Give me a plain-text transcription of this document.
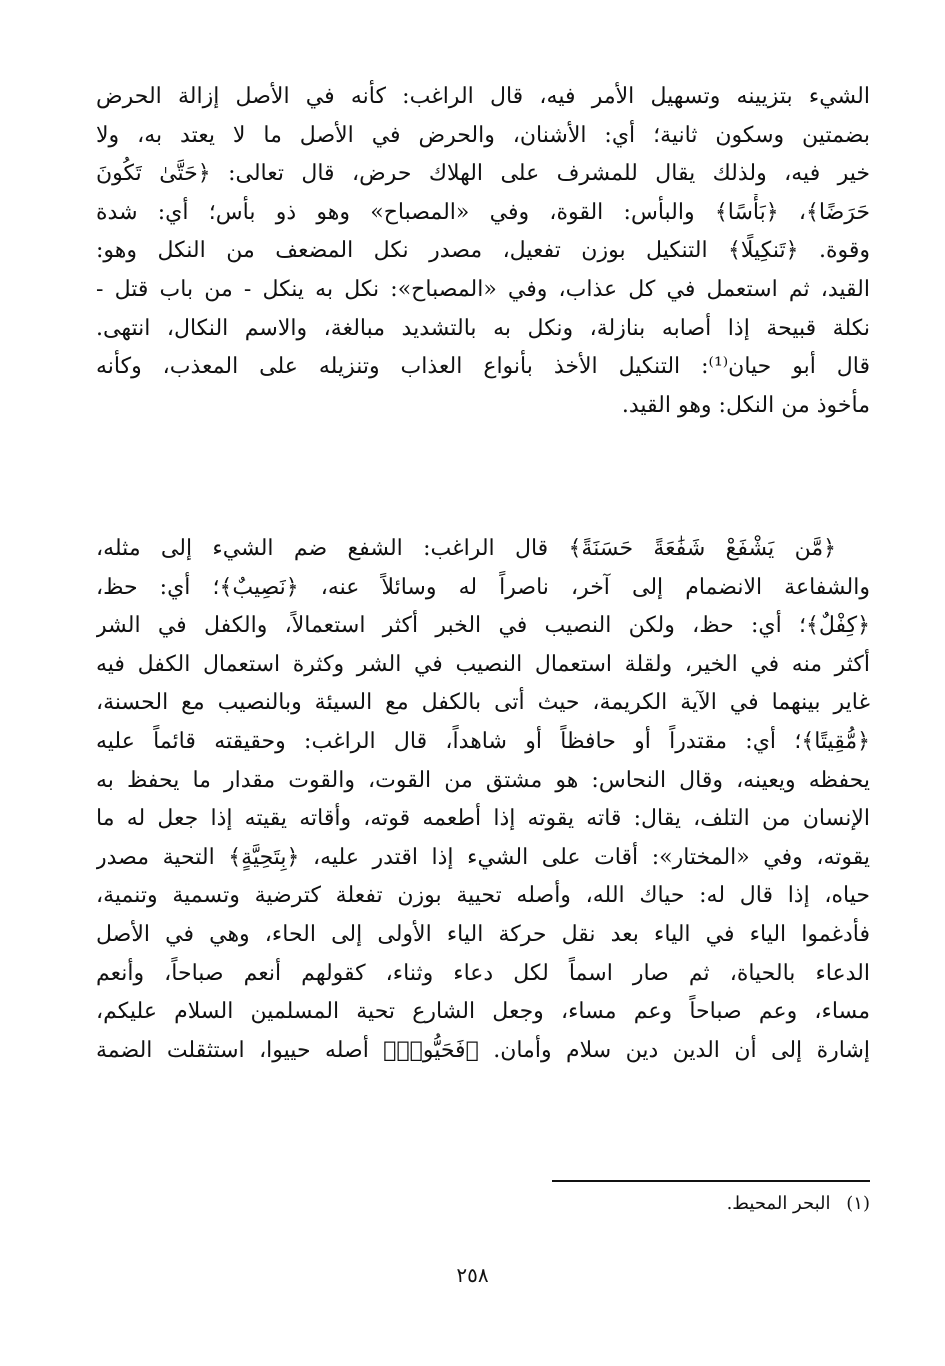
الشيء بتزيينه وتسهيل الأمر فيه، قال الراغب: كأنه في الأصل إزالة الحرض
بضمتين وسكون ثانية؛ أي: الأشنان، والحرض في الأصل ما لا يعتد به، ولا
خير فيه، ولذلك يقال للمشرف على الهلاك حرض، قال تعالى: ﴿حَتَّىٰ تَكُونَ
حَرَضًا﴾، ﴿بَأْسًا﴾ والبأس: القوة، وفي «المصباح» وهو ذو بأس؛ أي: شدة
وقوة. ﴿تَنكِيلًا﴾ التنكيل بوزن تفعيل، مصدر نكل المضعف من النكل وهو:
القيد، ثم استعمل في كل عذاب، وفي «المصباح»: نكل به ينكل - من باب قتل -
نكلة قبيحة إذا أصابه بنازلة، ونكل به بالتشديد مبالغة، والاسم النكال، انتهى.
قال أبو حيان⁽¹⁾: التنكيل الأخذ بأنواع العذاب وتنزيله على المعذب، وكأنه
مأخوذ من النكل: وهو القيد.
﴿مَّن يَشْفَعْ شَفَٰعَةً حَسَنَةً﴾ قال الراغب: الشفع ضم الشيء إلى مثله،
والشفاعة الانضمام إلى آخر، ناصراً له وسائلاً عنه، ﴿نَصِيبٌ﴾؛ أي: حظ،
﴿كِفْلٌ﴾؛ أي: حظ، ولكن النصيب في الخبر أكثر استعمالاً، والكفل في الشر
أكثر منه في الخير، ولقلة استعمال النصيب في الشر وكثرة استعمال الكفل فيه
غاير بينهما في الآية الكريمة، حيث أتى بالكفل مع السيئة وبالنصيب مع الحسنة،
﴿مُّقِيتًا﴾؛ أي: مقتدراً أو حافظاً أو شاهداً، قال الراغب: وحقيقته قائماً عليه
يحفظه ويعينه، وقال النحاس: هو مشتق من القوت، والقوت مقدار ما يحفظ به
الإنسان من التلف، يقال: قاته يقوته إذا أطعمه قوته، وأقاته يقيته إذا جعل له ما
يقوته، وفي «المختار»: أقات على الشيء إذا اقتدر عليه، ﴿بِتَحِيَّةٍ﴾ التحية مصدر
حياه، إذا قال له: حياك الله، وأصله تحيية بوزن تفعلة كترضية وتسمية وتنمية،
فأدغموا الياء في الياء بعد نقل حركة الياء الأولى إلى الحاء، وهي في الأصل
الدعاء بالحياة، ثم صار اسماً لكل دعاء وثناء، كقولهم أنعم صباحاً، وأنعم
مساء، وعم صباحاً وعم مساء، وجعل الشارع تحية المسلمين السلام عليكم،
إشارة إلى أن الدين دين سلام وأمان. ﴿فَحَيُّوا۟﴾ أصله حييوا، استثقلت الضمة
(١) البحر المحيط.
٢٥٨
